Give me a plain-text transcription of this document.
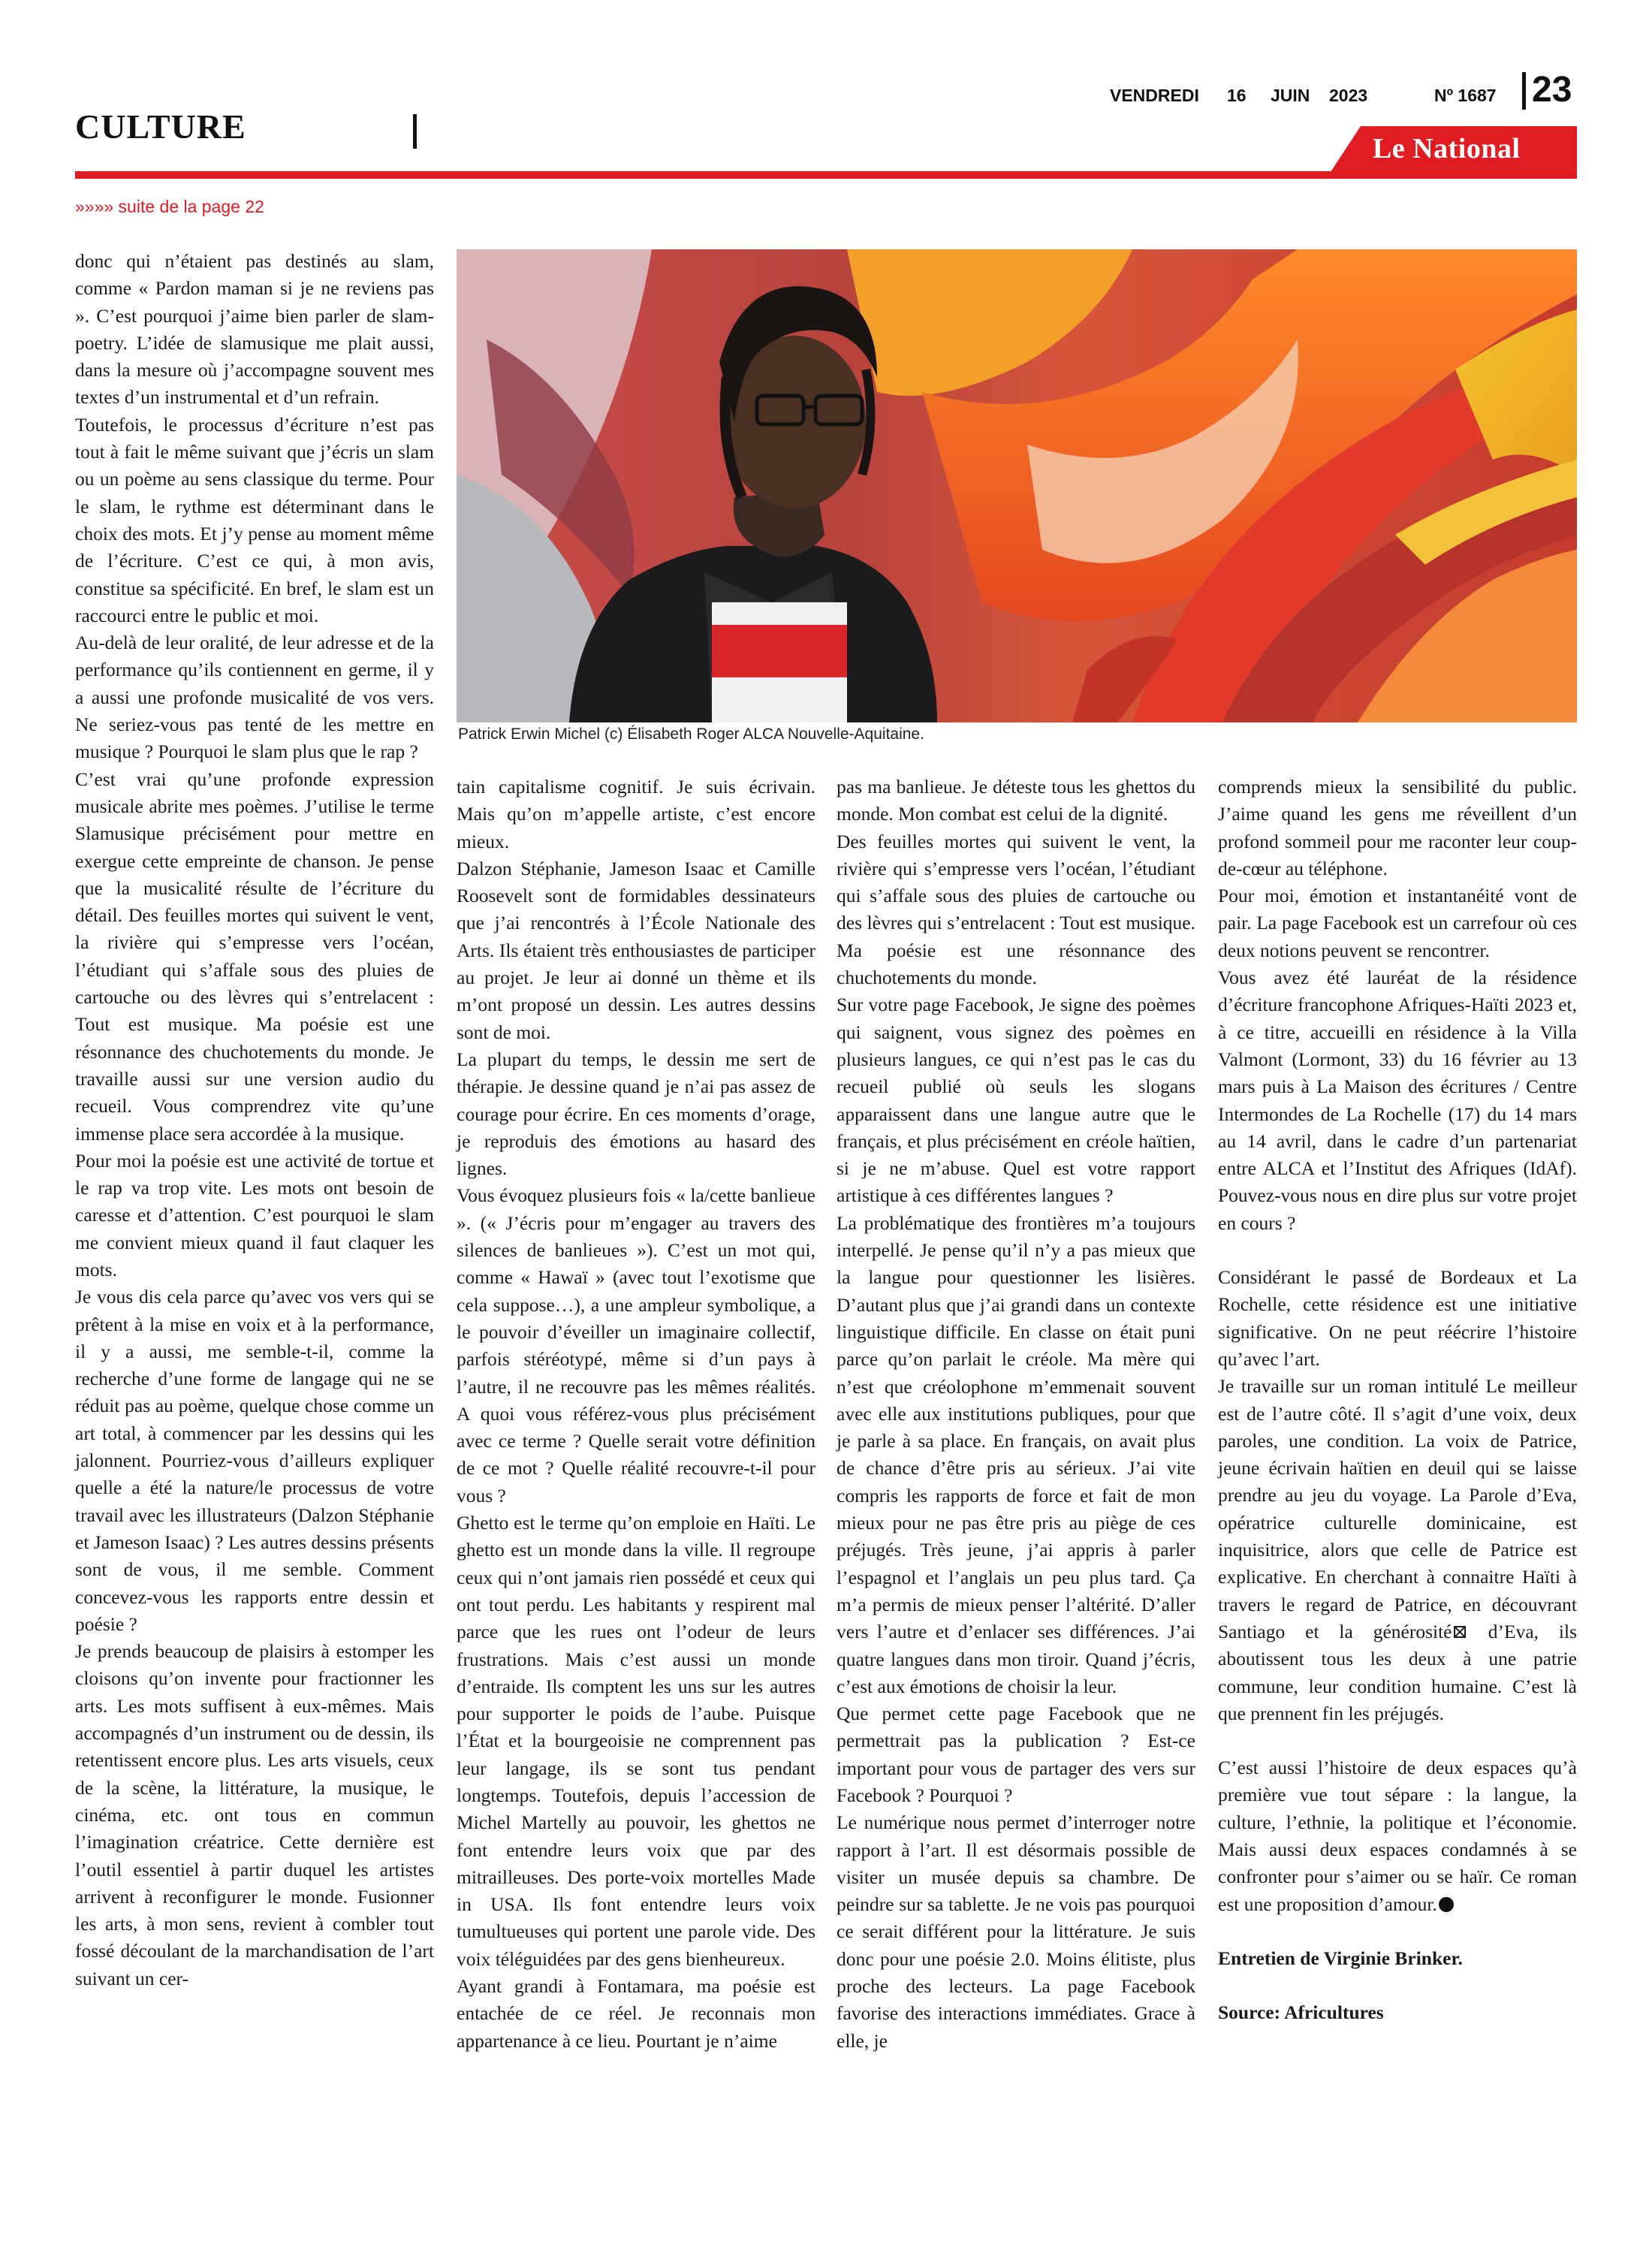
CULTURE
VENDREDI 16 JUIN 2023	Nº 1687 23
Le National
»»»» suite de la page 22
Patrick Erwin Michel (c) Élisabeth Roger ALCA Nouvelle-Aquitaine.

donc qui n’étaient pas destinés au slam, comme « Pardon maman si je ne reviens pas ». C’est pourquoi j’aime bien parler de slam-poetry. L’idée de slamusique me plait aussi, dans la mesure où j’accompagne souvent mes textes d’un instrumental et d’un refrain.

Toutefois, le processus d’écriture n’est pas tout à fait le même suivant que j’écris un slam ou un poème au sens classique du terme. Pour le slam, le rythme est déterminant dans le choix des mots. Et j’y pense au moment même de l’écriture. C’est ce qui, à mon avis, constitue sa spécificité. En bref, le slam est un raccourci entre le public et moi.

Au-delà de leur oralité, de leur adresse et de la performance qu’ils contiennent en germe, il y a aussi une profonde musicalité de vos vers. Ne seriez-vous pas tenté de les mettre en musique ? Pourquoi le slam plus que le rap ?

C’est vrai qu’une profonde expression musicale abrite mes poèmes. J’utilise le terme Slamusique précisément pour mettre en exergue cette empreinte de chanson. Je pense que la musicalité résulte de l’écriture du détail. Des feuilles mortes qui suivent le vent, la rivière qui s’empresse vers l’océan, l’étudiant qui s’affale sous des pluies de cartouche ou des lèvres qui s’entrelacent : Tout est musique. Ma poésie est une résonnance des chuchotements du monde. Je travaille aussi sur une version audio du recueil. Vous comprendrez vite qu’une immense place sera accordée à la musique.

Pour moi la poésie est une activité de tortue et le rap va trop vite. Les mots ont besoin de caresse et d’attention. C’est pourquoi le slam me convient mieux quand il faut claquer les mots.

Je vous dis cela parce qu’avec vos vers qui se prêtent à la mise en voix et à la performance, il y a aussi, me semble-t-il, comme la recherche d’une forme de langage qui ne se réduit pas au poème, quelque chose comme un art total, à commencer par les dessins qui les jalonnent. Pourriez-vous d’ailleurs expliquer quelle a été la nature/le processus de votre travail avec les illustrateurs (Dalzon Stéphanie et Jameson Isaac) ? Les autres dessins présents sont de vous, il me semble. Comment concevez-vous les rapports entre dessin et poésie ?

Je prends beaucoup de plaisirs à estomper les cloisons qu’on invente pour fractionner les arts. Les mots suffisent à eux-mêmes. Mais accompagnés d’un instrument ou de dessin, ils retentissent encore plus. Les arts visuels, ceux de la scène, la littérature, la musique, le cinéma, etc. ont tous en commun l’imagination créatrice. Cette dernière est l’outil essentiel à partir duquel les artistes arrivent à reconfigurer le monde. Fusionner les arts, à mon sens, revient à combler tout fossé découlant de la marchandisation de l’art suivant un cer-

tain capitalisme cognitif. Je suis écrivain. Mais qu’on m’appelle artiste, c’est encore mieux.

Dalzon Stéphanie, Jameson Isaac et Camille Roosevelt sont de formidables dessinateurs que j’ai rencontrés à l’École Nationale des Arts. Ils étaient très enthousiastes de participer au projet. Je leur ai donné un thème et ils m’ont proposé un dessin. Les autres dessins sont de moi.

La plupart du temps, le dessin me sert de thérapie. Je dessine quand je n’ai pas assez de courage pour écrire. En ces moments d’orage, je reproduis des émotions au hasard des lignes.

Vous évoquez plusieurs fois « la/cette banlieue ». (« J’écris pour m’engager au travers des silences de banlieues »). C’est un mot qui, comme « Hawaï » (avec tout l’exotisme que cela suppose…), a une ampleur symbolique, a le pouvoir d’éveiller un imaginaire collectif, parfois stéréotypé, même si d’un pays à l’autre, il ne recouvre pas les mêmes réalités. A quoi vous référez-vous plus précisément avec ce terme ? Quelle serait votre définition de ce mot ? Quelle réalité recouvre-t-il pour vous ?

Ghetto est le terme qu’on emploie en Haïti. Le ghetto est un monde dans la ville. Il regroupe ceux qui n’ont jamais rien possédé et ceux qui ont tout perdu. Les habitants y respirent mal parce que les rues ont l’odeur de leurs frustrations. Mais c’est aussi un monde d’entraide. Ils comptent les uns sur les autres pour supporter le poids de l’aube. Puisque l’État et la bourgeoisie ne comprennent pas leur langage, ils se sont tus pendant longtemps. Toutefois, depuis l’accession de Michel Martelly au pouvoir, les ghettos ne font entendre leurs voix que par des mitrailleuses. Des porte-voix mortelles Made in USA. Ils font entendre leurs voix tumultueuses qui portent une parole vide. Des voix téléguidées par des gens bienheureux.

Ayant grandi à Fontamara, ma poésie est entachée de ce réel. Je reconnais mon appartenance à ce lieu. Pourtant je n’aime

pas ma banlieue. Je déteste tous les ghettos du monde. Mon combat est celui de la dignité.

Des feuilles mortes qui suivent le vent, la rivière qui s’empresse vers l’océan, l’étudiant qui s’affale sous des pluies de cartouche ou des lèvres qui s’entrelacent : Tout est musique. Ma poésie est une résonnance des chuchotements du monde.

Sur votre page Facebook, Je signe des poèmes qui saignent, vous signez des poèmes en plusieurs langues, ce qui n’est pas le cas du recueil publié où seuls les slogans apparaissent dans une langue autre que le français, et plus précisément en créole haïtien, si je ne m’abuse. Quel est votre rapport artistique à ces différentes langues ?

La problématique des frontières m’a toujours interpellé. Je pense qu’il n’y a pas mieux que la langue pour questionner les lisières. D’autant plus que j’ai grandi dans un contexte linguistique difficile. En classe on était puni parce qu’on parlait le créole. Ma mère qui n’est que créolophone m’emmenait souvent avec elle aux institutions publiques, pour que je parle à sa place. En français, on avait plus de chance d’être pris au sérieux. J’ai vite compris les rapports de force et fait de mon mieux pour ne pas être pris au piège de ces préjugés. Très jeune, j’ai appris à parler l’espagnol et l’anglais un peu plus tard. Ça m’a permis de mieux penser l’altérité. D’aller vers l’autre et d’enlacer ses différences. J’ai quatre langues dans mon tiroir. Quand j’écris, c’est aux émotions de choisir la leur.

Que permet cette page Facebook que ne permettrait pas la publication ? Est-ce important pour vous de partager des vers sur Facebook ? Pourquoi ?

Le numérique nous permet d’interroger notre rapport à l’art. Il est désormais possible de visiter un musée depuis sa chambre. De peindre sur sa tablette. Je ne vois pas pourquoi ce serait différent pour la littérature. Je suis donc pour une poésie 2.0. Moins élitiste, plus proche des lecteurs. La page Facebook favorise des interactions immédiates. Grace à elle, je

comprends mieux la sensibilité du public. J’aime quand les gens me réveillent d’un profond sommeil pour me raconter leur coup-de-cœur au téléphone.

Pour moi, émotion et instantanéité vont de pair. La page Facebook est un carrefour où ces deux notions peuvent se rencontrer.

Vous avez été lauréat de la résidence d’écriture francophone Afriques-Haïti 2023 et, à ce titre, accueilli en résidence à la Villa Valmont (Lormont, 33) du 16 février au 13 mars puis à La Maison des écritures / Centre Intermondes de La Rochelle (17) du 14 mars au 14 avril, dans le cadre d’un partenariat entre ALCA et l’Institut des Afriques (IdAf). Pouvez-vous nous en dire plus sur votre projet en cours ?

Considérant le passé de Bordeaux et La Rochelle, cette résidence est une initiative significative. On ne peut réécrire l’histoire qu’avec l’art.

Je travaille sur un roman intitulé Le meilleur est de l’autre côté. Il s’agit d’une voix, deux paroles, une condition. La voix de Patrice, jeune écrivain haïtien en deuil qui se laisse prendre au jeu du voyage. La Parole d’Eva, opératrice culturelle dominicaine, est inquisitrice, alors que celle de Patrice est explicative. En cherchant à connaitre Haïti à travers le regard de Patrice, en découvrant Santiago et la générosité⊠ d’Eva, ils aboutissent tous les deux à une patrie commune, leur condition humaine. C’est là que prennent fin les préjugés.

C’est aussi l’histoire de deux espaces qu’à première vue tout sépare : la langue, la culture, l’ethnie, la politique et l’économie. Mais aussi deux espaces condamnés à se confronter pour s’aimer ou se haïr. Ce roman est une proposition d’amour.

Entretien de Virginie Brinker.

Source: Africultures
